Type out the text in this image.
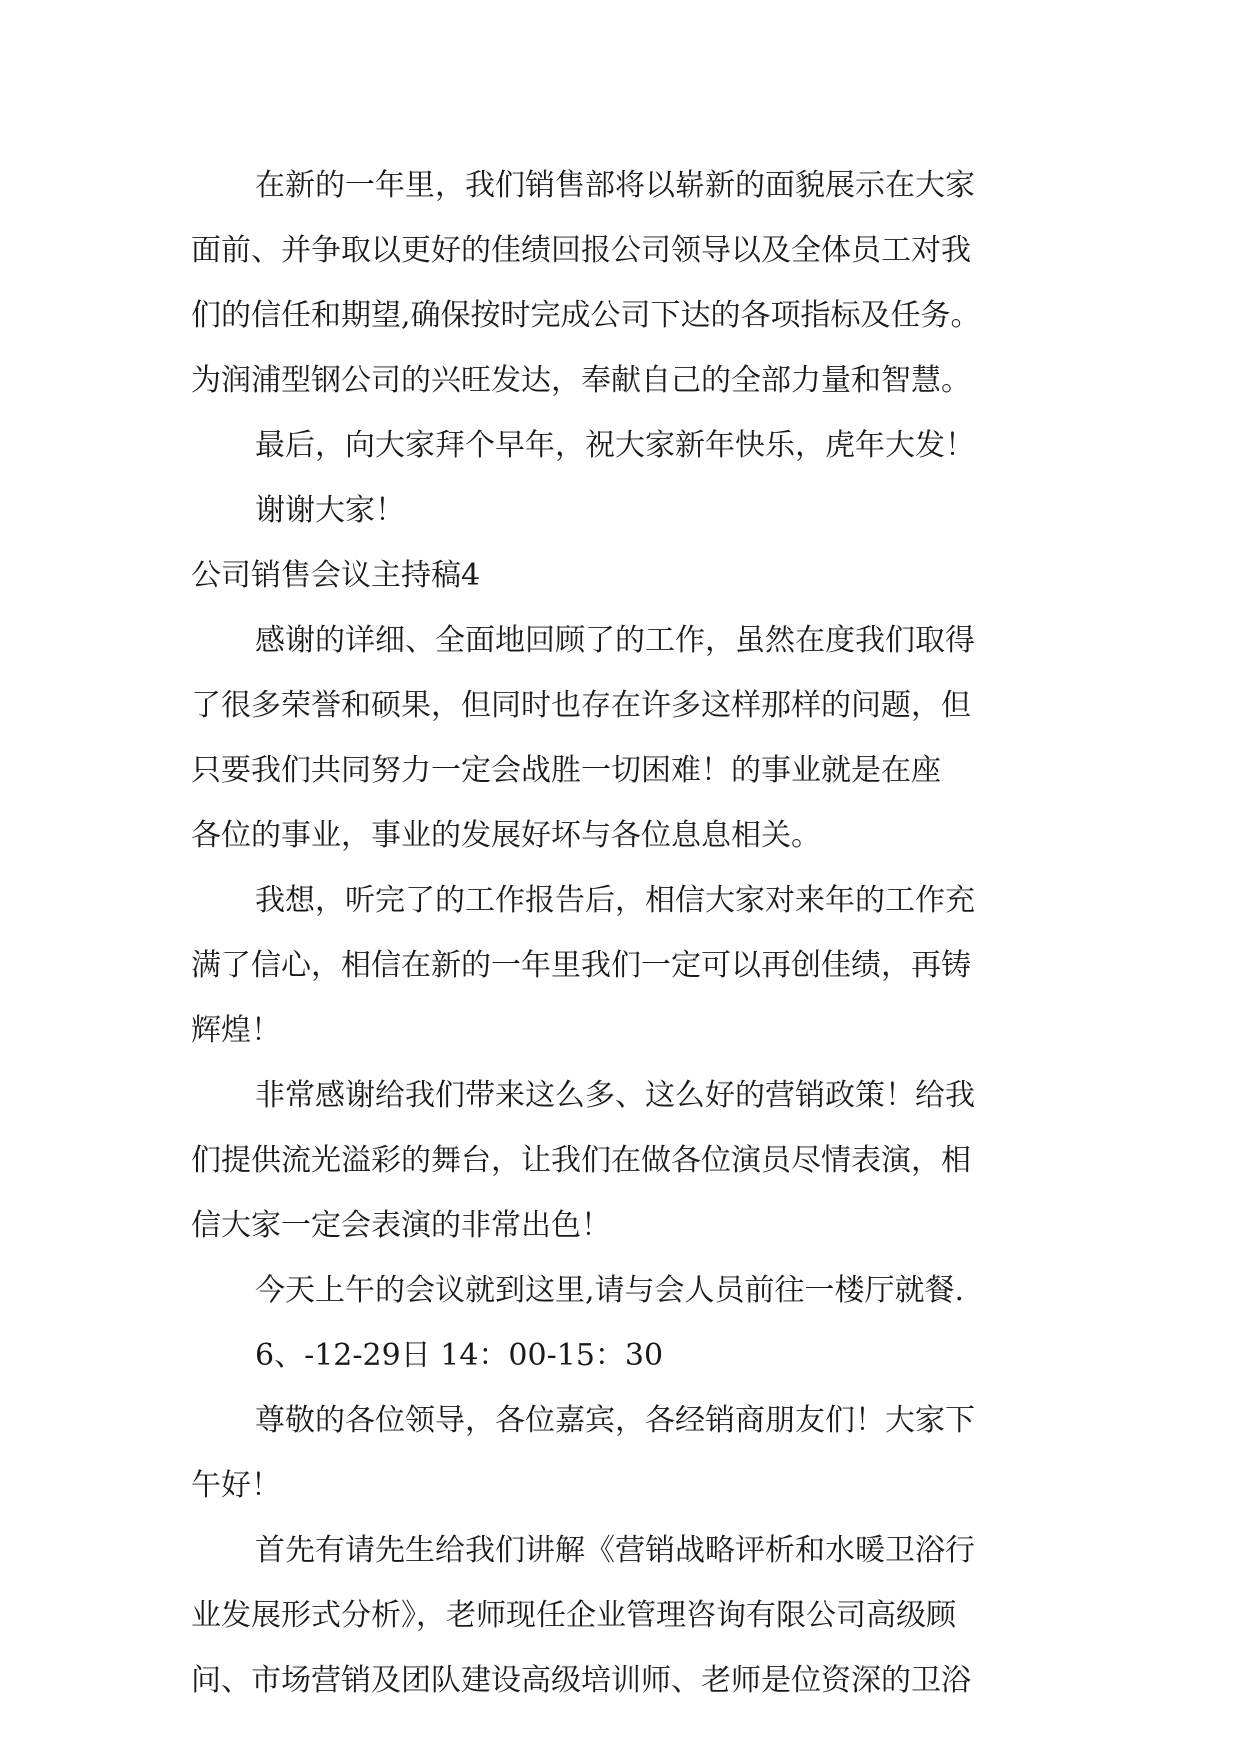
在新的一年里，我们销售部将以崭新的面貌展示在大家
面前、并争取以更好的佳绩回报公司领导以及全体员工对我
们的信任和期望,确保按时完成公司下达的各项指标及任务。
为润浦型钢公司的兴旺发达，奉献自己的全部力量和智慧。
最后，向大家拜个早年，祝大家新年快乐，虎年大发！
谢谢大家！
公司销售会议主持稿4
感谢的详细、全面地回顾了的工作，虽然在度我们取得
了很多荣誉和硕果，但同时也存在许多这样那样的问题，但
只要我们共同努力一定会战胜一切困难！的事业就是在座
各位的事业，事业的发展好坏与各位息息相关。
我想，听完了的工作报告后，相信大家对来年的工作充
满了信心，相信在新的一年里我们一定可以再创佳绩，再铸
辉煌！
非常感谢给我们带来这么多、这么好的营销政策！给我
们提供流光溢彩的舞台，让我们在做各位演员尽情表演，相
信大家一定会表演的非常出色！
今天上午的会议就到这里,请与会人员前往一楼厅就餐.
6、-12-29日 14：00-15：30
尊敬的各位领导，各位嘉宾，各经销商朋友们！大家下
午好！
首先有请先生给我们讲解《营销战略评析和水暖卫浴行
业发展形式分析》，老师现任企业管理咨询有限公司高级顾
问、市场营销及团队建设高级培训师、老师是位资深的卫浴
